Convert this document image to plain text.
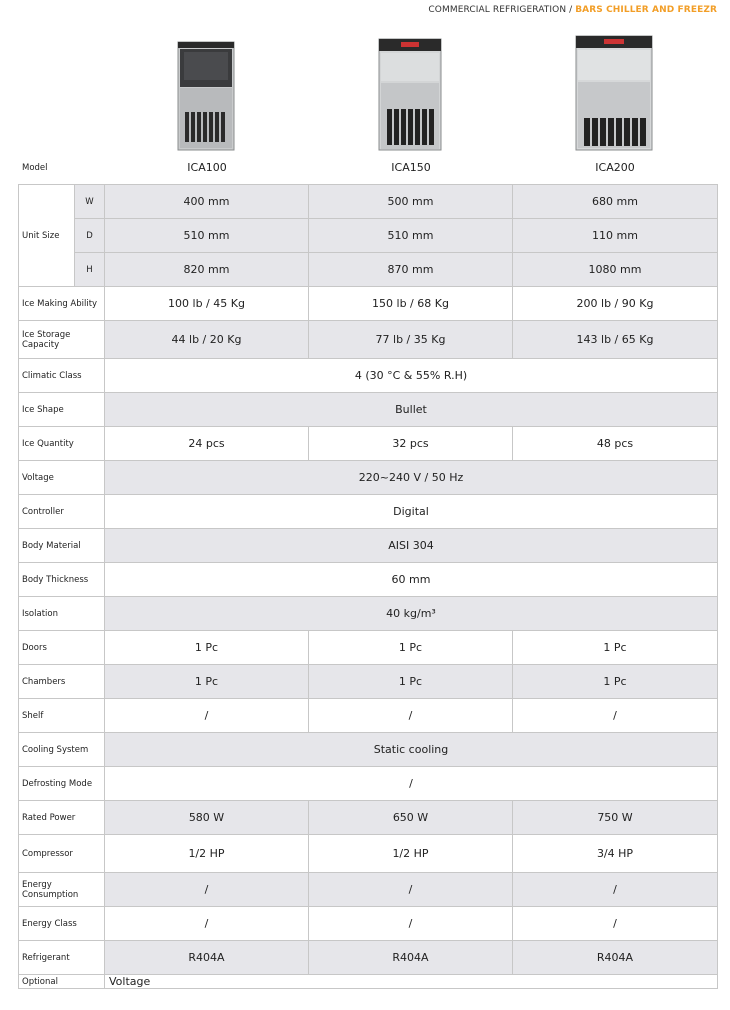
COMMERCIAL REFRIGERATION / BARS CHILLER AND FREEZR
Model	ICA100	ICA150	ICA200
Unit Size	W	400 mm	500 mm	680 mm
	D	510 mm	510 mm	110 mm
	H	820 mm	870 mm	1080 mm
Ice Making Ability		100 lb / 45 Kg	150 lb / 68 Kg	200 lb / 90 Kg
Ice Storage Capacity		44 lb / 20 Kg	77 lb / 35 Kg	143 lb / 65 Kg
Climatic Class		4 (30 °C & 55% R.H)		
Ice Shape		Bullet		
Ice Quantity		24 pcs	32 pcs	48 pcs
Voltage		220~240 V / 50 Hz		
Controller		Digital		
Body Material		AISI 304		
Body Thickness		60 mm		
Isolation		40 kg/m³		
Doors		1 Pc	1 Pc	1 Pc
Chambers		1 Pc	1 Pc	1 Pc
Shelf		/	/	/
Cooling System		Static cooling		
Defrosting Mode		/		
Rated Power		580 W	650 W	750 W
Compressor		1/2 HP	1/2 HP	3/4 HP
Energy Consumption		/	/	/
Energy Class		/	/	/
Refrigerant		R404A	R404A	R404A
Optional		Voltage		
